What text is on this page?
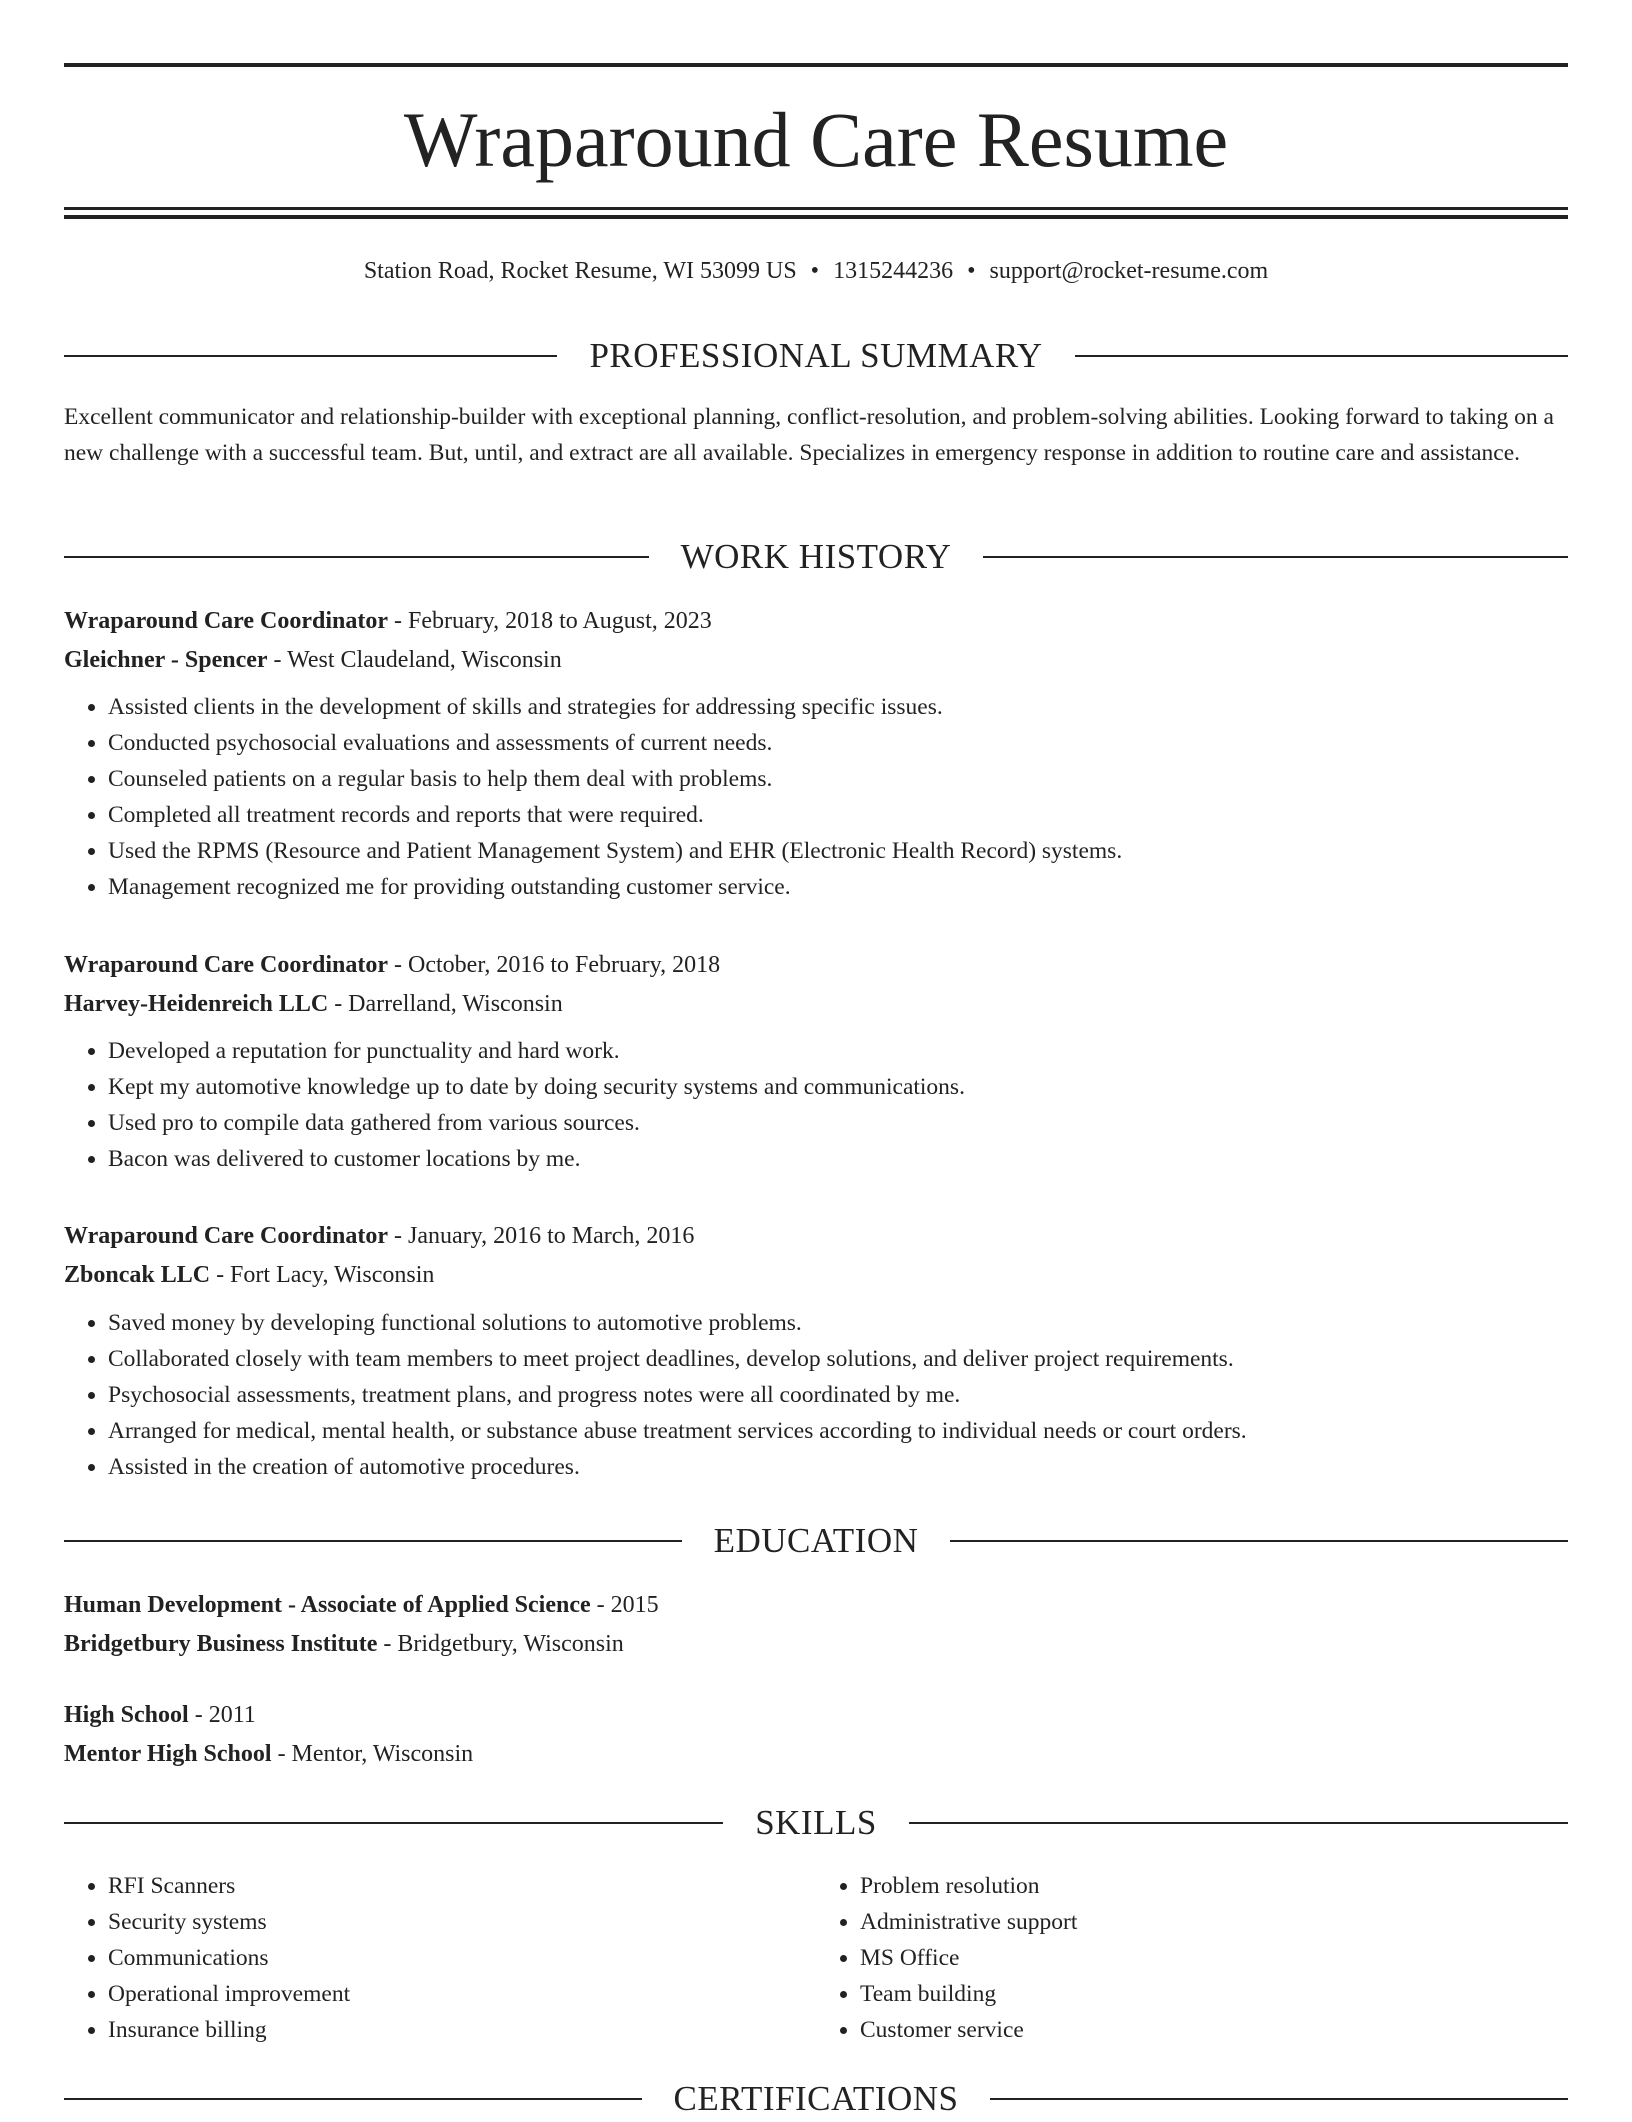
Wraparound Care Resume
Station Road, Rocket Resume, WI 53099 US • 1315244236 • support@rocket-resume.com
PROFESSIONAL SUMMARY

Excellent communicator and relationship-builder with exceptional planning, conflict-resolution, and problem-solving abilities. Looking forward to taking on a new challenge with a successful team. But, until, and extract are all available. Specializes in emergency response in addition to routine care and assistance.

WORK HISTORY

Wraparound Care Coordinator - February, 2018 to August, 2023

Gleichner - Spencer - West Claudeland, Wisconsin

• Assisted clients in the development of skills and strategies for addressing specific issues.
• Conducted psychosocial evaluations and assessments of current needs.
• Counseled patients on a regular basis to help them deal with problems.
• Completed all treatment records and reports that were required.
• Used the RPMS (Resource and Patient Management System) and EHR (Electronic Health Record) systems.
• Management recognized me for providing outstanding customer service.

Wraparound Care Coordinator - October, 2016 to February, 2018

Harvey-Heidenreich LLC - Darrelland, Wisconsin

• Developed a reputation for punctuality and hard work.
• Kept my automotive knowledge up to date by doing security systems and communications.
• Used pro to compile data gathered from various sources.
• Bacon was delivered to customer locations by me.

Wraparound Care Coordinator - January, 2016 to March, 2016

Zboncak LLC - Fort Lacy, Wisconsin

• Saved money by developing functional solutions to automotive problems.
• Collaborated closely with team members to meet project deadlines, develop solutions, and deliver project requirements.
• Psychosocial assessments, treatment plans, and progress notes were all coordinated by me.
• Arranged for medical, mental health, or substance abuse treatment services according to individual needs or court orders.
• Assisted in the creation of automotive procedures.
EDUCATION

Human Development - Associate of Applied Science - 2015

Bridgetbury Business Institute - Bridgetbury, Wisconsin

High School - 2011

Mentor High School - Mentor, Wisconsin

SKILLS
• RFI Scanners
• Security systems
• Communications
• Operational improvement
• Insurance billing
• Problem resolution
• Administrative support
• MS Office
• Team building
• Customer service
CERTIFICATIONS
